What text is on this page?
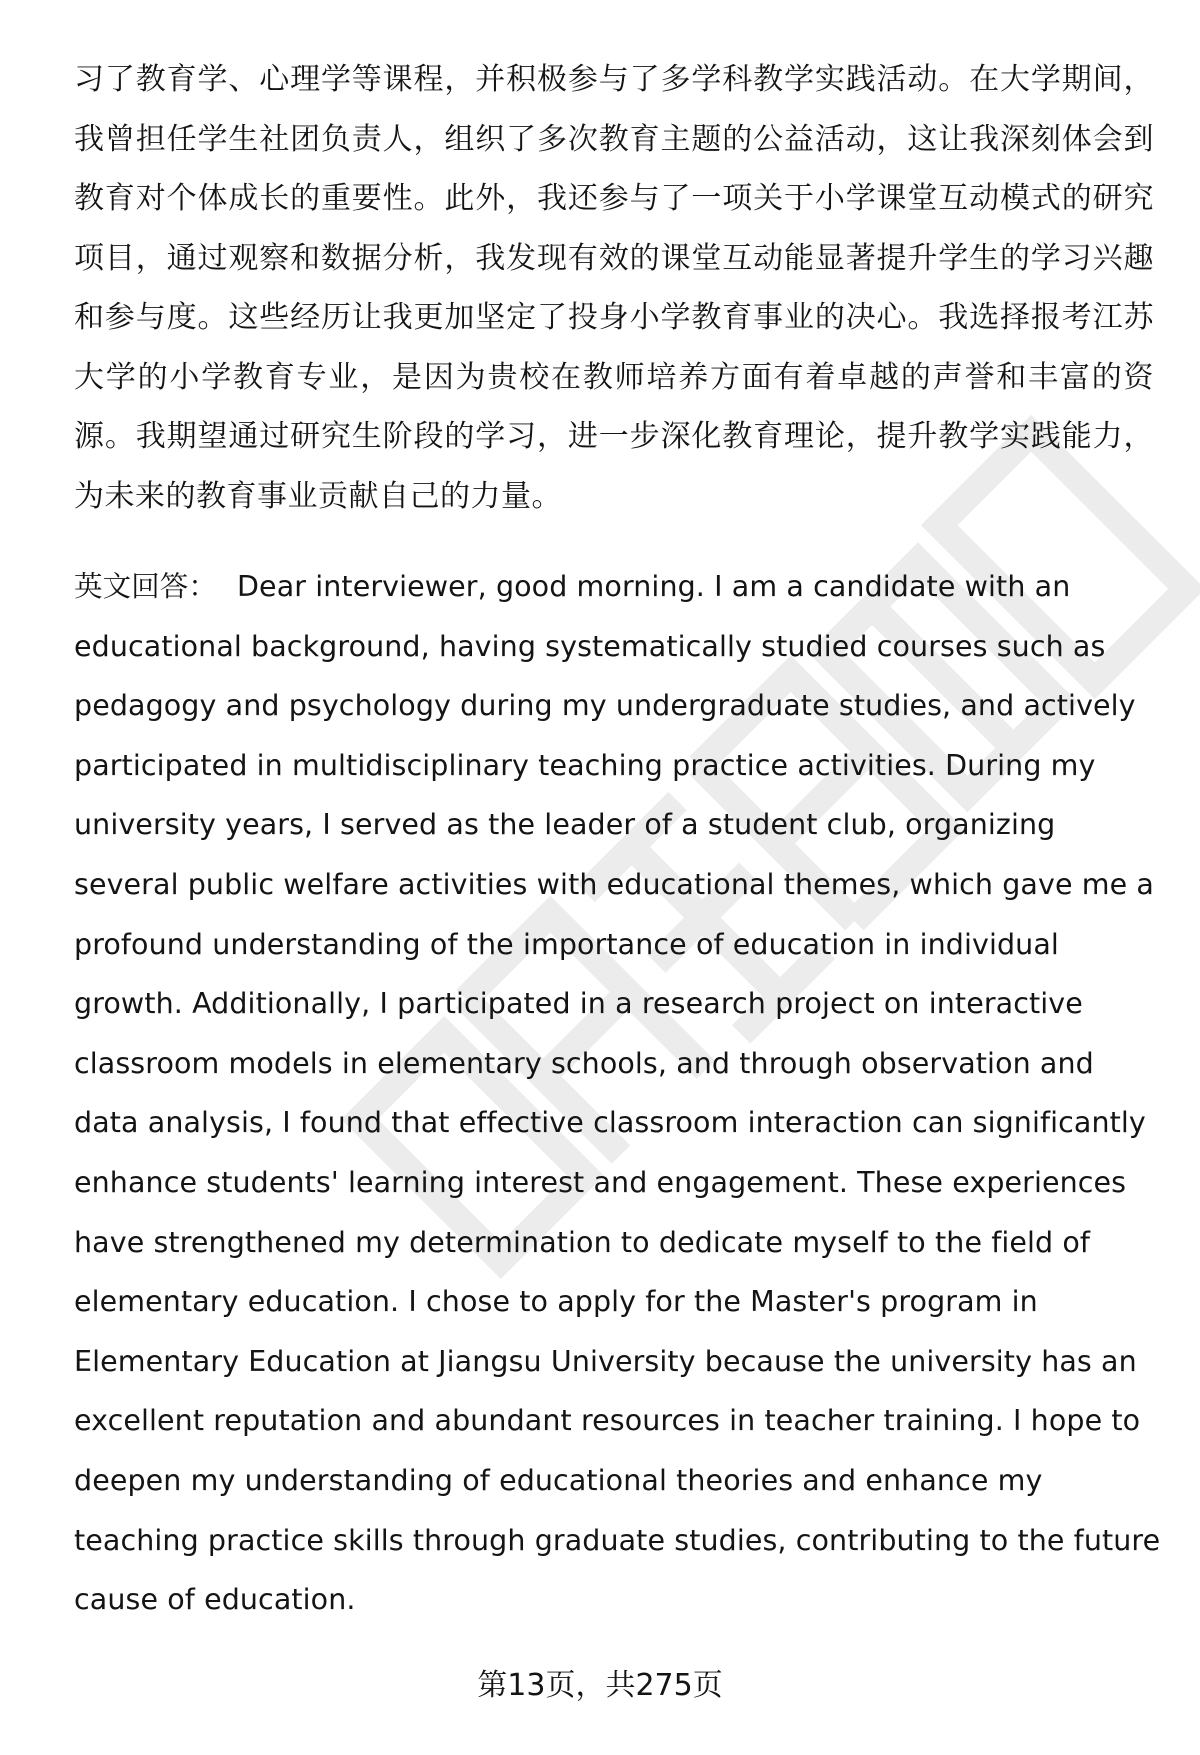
习了教育学、心理学等课程，并积极参与了多学科教学实践活动。在大学期间，我曾担任学生社团负责人，组织了多次教育主题的公益活动，这让我深刻体会到教育对个体成长的重要性。此外，我还参与了一项关于小学课堂互动模式的研究项目，通过观察和数据分析，我发现有效的课堂互动能显著提升学生的学习兴趣和参与度。这些经历让我更加坚定了投身小学教育事业的决心。我选择报考江苏大学的小学教育专业，是因为贵校在教师培养方面有着卓越的声誉和丰富的资源。我期望通过研究生阶段的学习，进一步深化教育理论，提升教学实践能力，为未来的教育事业贡献自己的力量。

英文回答： Dear interviewer, good morning. I am a candidate with an educational background, having systematically studied courses such as pedagogy and psychology during my undergraduate studies, and actively participated in multidisciplinary teaching practice activities. During my university years, I served as the leader of a student club, organizing several public welfare activities with educational themes, which gave me a profound understanding of the importance of education in individual growth. Additionally, I participated in a research project on interactive classroom models in elementary schools, and through observation and data analysis, I found that effective classroom interaction can significantly enhance students' learning interest and engagement. These experiences have strengthened my determination to dedicate myself to the field of elementary education. I chose to apply for the Master's program in Elementary Education at Jiangsu University because the university has an excellent reputation and abundant resources in teacher training. I hope to deepen my understanding of educational theories and enhance my teaching practice skills through graduate studies, contributing to the future cause of education.

第13页，共275页
